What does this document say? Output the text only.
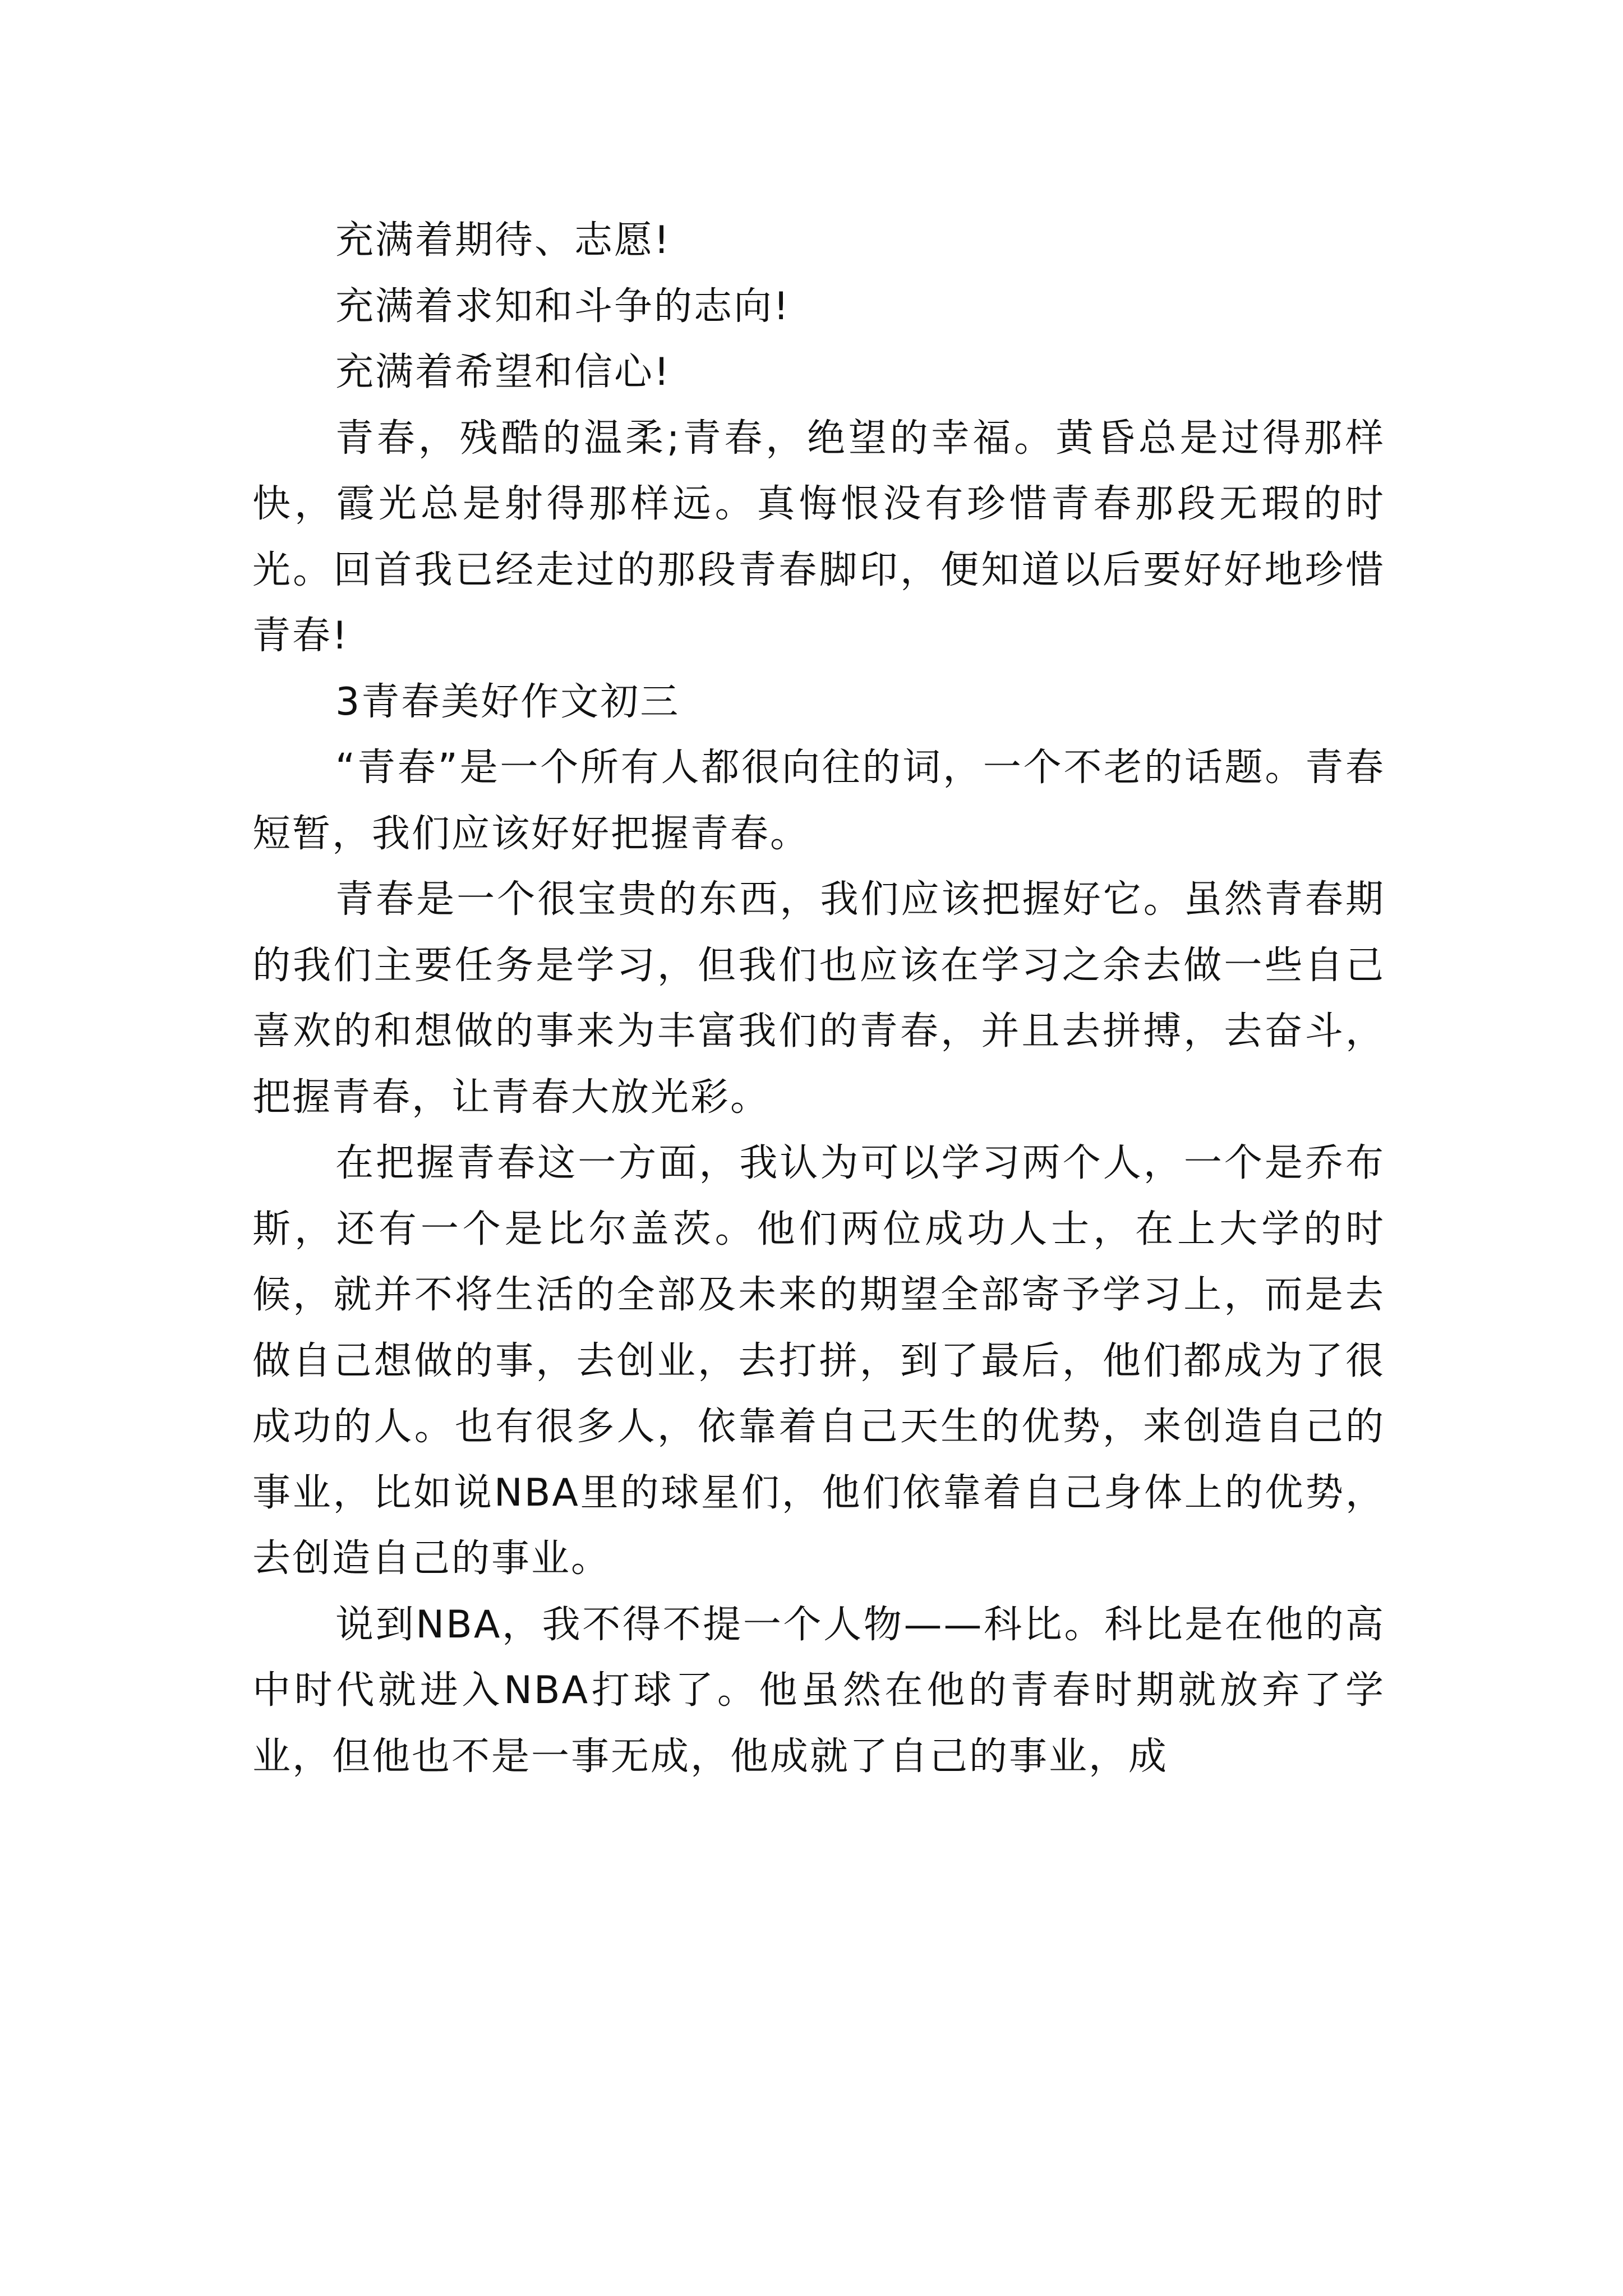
充满着期待、志愿!

充满着求知和斗争的志向!

充满着希望和信心!

青春，残酷的温柔;青春，绝望的幸福。黄昏总是过得那样快，霞光总是射得那样远。真悔恨没有珍惜青春那段无瑕的时光。回首我已经走过的那段青春脚印，便知道以后要好好地珍惜青春!

3青春美好作文初三

“青春”是一个所有人都很向往的词，一个不老的话题。青春短暂，我们应该好好把握青春。

青春是一个很宝贵的东西，我们应该把握好它。虽然青春期的我们主要任务是学习，但我们也应该在学习之余去做一些自己喜欢的和想做的事来为丰富我们的青春，并且去拼搏，去奋斗，把握青春，让青春大放光彩。

在把握青春这一方面，我认为可以学习两个人，一个是乔布斯，还有一个是比尔盖茨。他们两位成功人士，在上大学的时候，就并不将生活的全部及未来的期望全部寄予学习上，而是去做自己想做的事，去创业，去打拼，到了最后，他们都成为了很成功的人。也有很多人，依靠着自己天生的优势，来创造自己的事业，比如说NBA里的球星们，他们依靠着自己身体上的优势，去创造自己的事业。

说到NBA，我不得不提一个人物——科比。科比是在他的高中时代就进入NBA打球了。他虽然在他的青春时期就放弃了学业，但他也不是一事无成，他成就了自己的事业，成
